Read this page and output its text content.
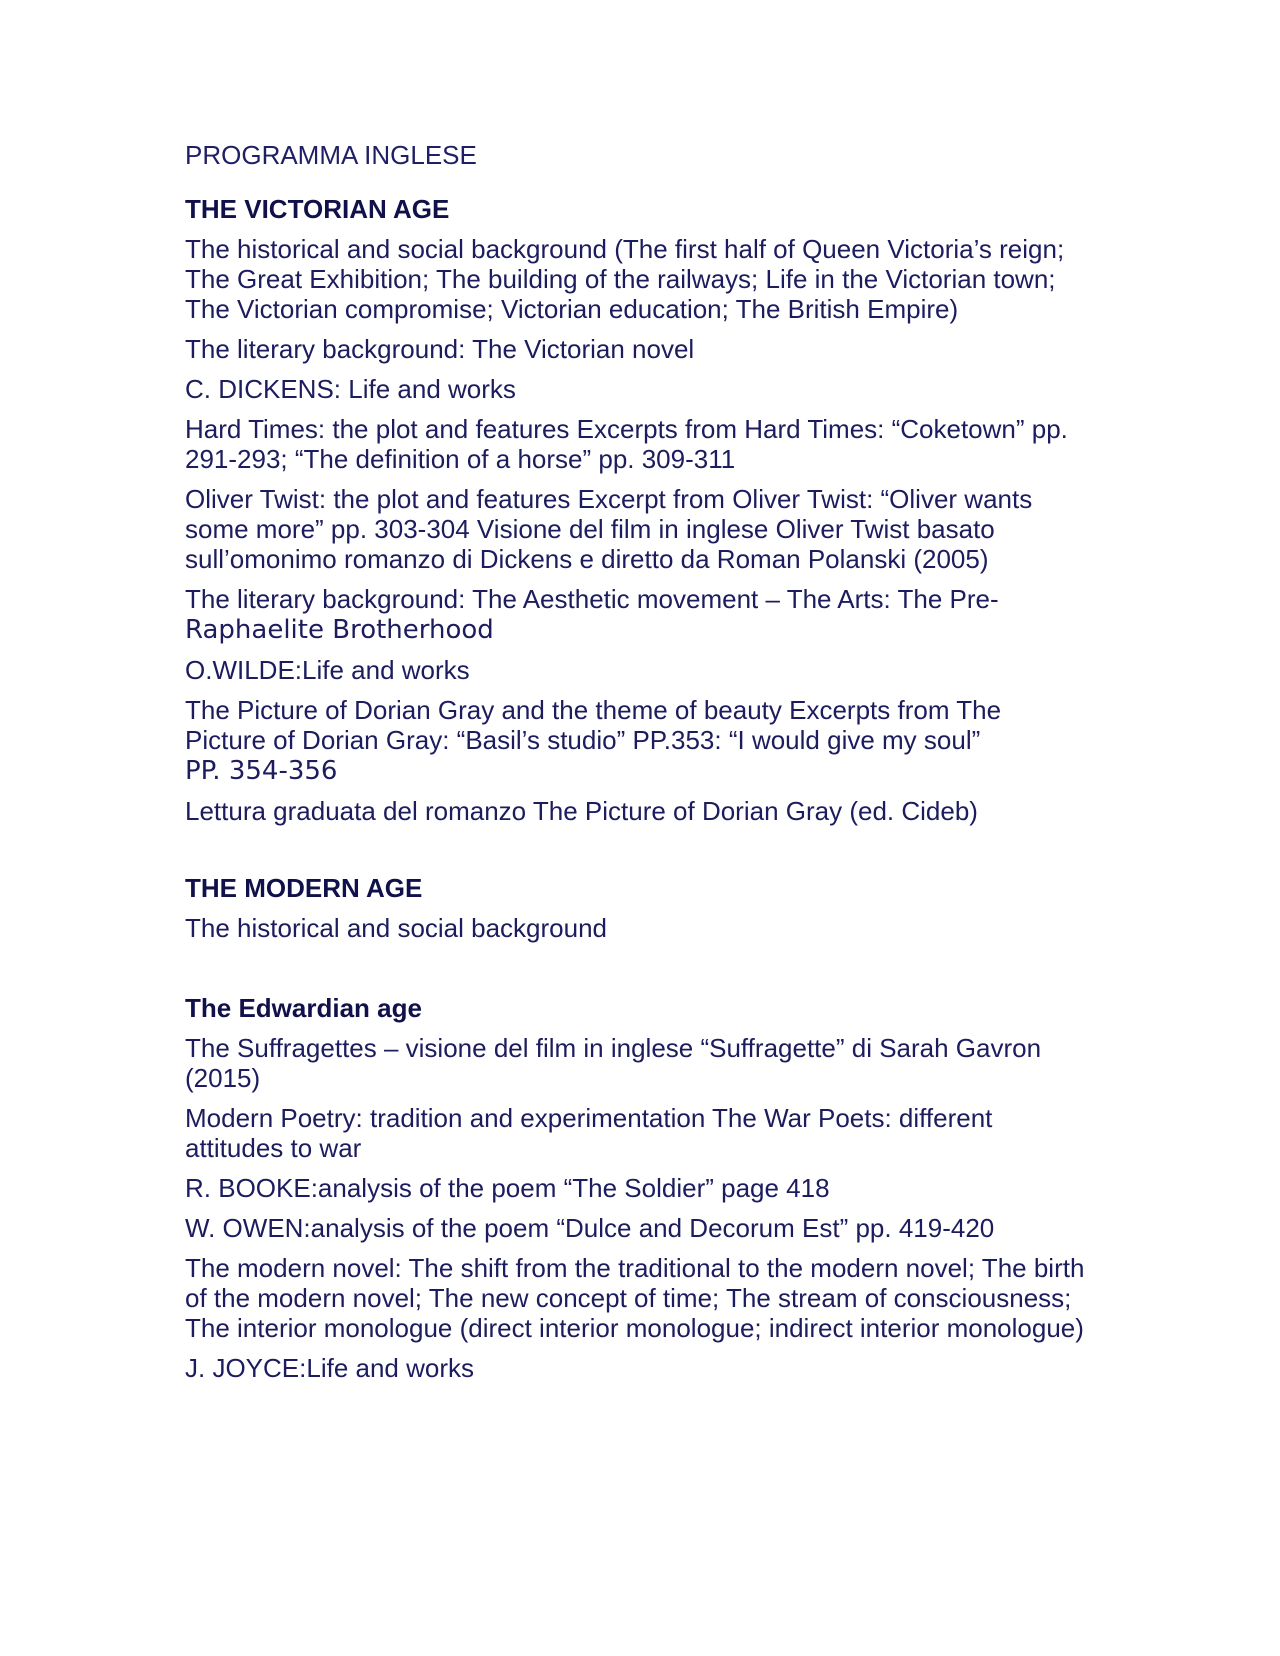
PROGRAMMA INGLESE

THE VICTORIAN AGE

The historical and social background (The first half of Queen Victoria’s reign; The Great Exhibition; The building of the railways; Life in the Victorian town; The Victorian compromise; Victorian education; The British Empire)

The literary background: The Victorian novel

C. DICKENS: Life and works

Hard Times: the plot and features Excerpts from Hard Times: “Coketown” pp. 291-293; “The definition of a horse” pp. 309-311

Oliver Twist: the plot and features Excerpt from Oliver Twist: “Oliver wants some more” pp. 303-304 Visione del film in inglese Oliver Twist basato sull’omonimo romanzo di Dickens e diretto da Roman Polanski (2005)

The literary background: The Aesthetic movement – The Arts: The Pre-
Raphaelite Brotherhood

O.WILDE:Life and works

The Picture of Dorian Gray and the theme of beauty Excerpts from The Picture of Dorian Gray: “Basil’s studio” PP.353: “I would give my soul”
PP. 354-356

Lettura graduata del romanzo The Picture of Dorian Gray (ed. Cideb)

THE MODERN AGE

The historical and social background

The Edwardian age

The Suffragettes – visione del film in inglese “Suffragette” di Sarah Gavron (2015)

Modern Poetry: tradition and experimentation The War Poets: different attitudes to war

R. BOOKE:analysis of the poem “The Soldier” page 418

W. OWEN:analysis of the poem “Dulce and Decorum Est” pp. 419-420

The modern novel: The shift from the traditional to the modern novel; The birth of the modern novel; The new concept of time; The stream of consciousness; The interior monologue (direct interior monologue; indirect interior monologue)

J. JOYCE:Life and works
